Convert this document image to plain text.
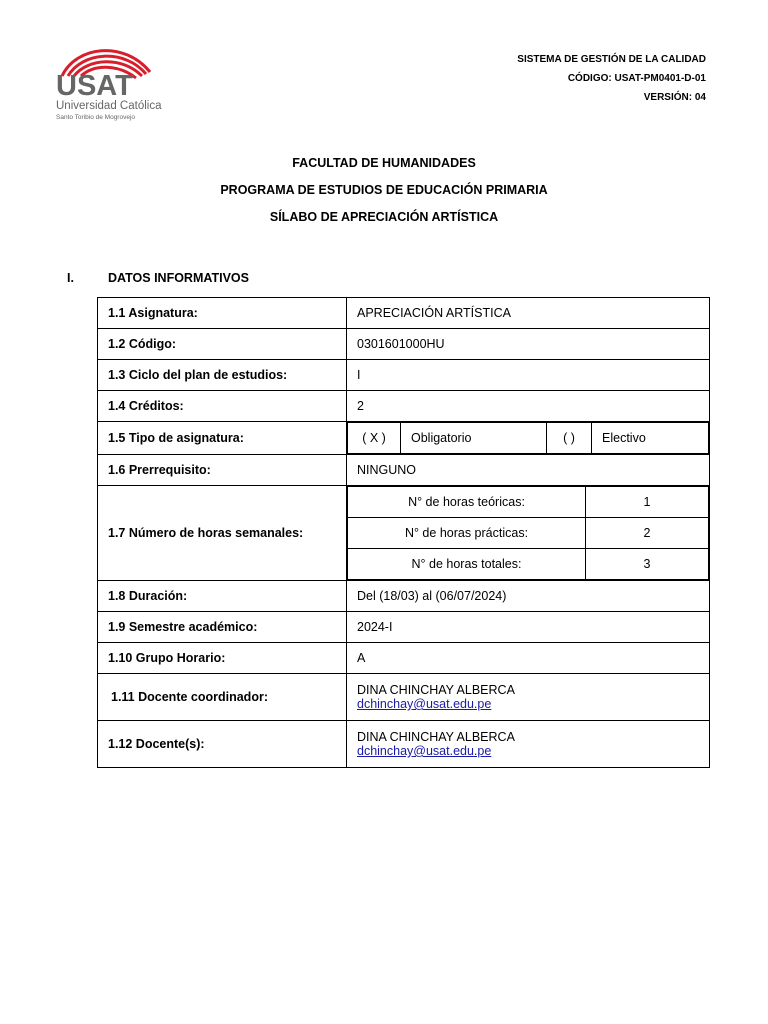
USAT
Universidad Católica
Santo Toribio de Mogrovejo
SISTEMA DE GESTIÓN DE LA CALIDAD
CÓDIGO: USAT-PM0401-D-01
VERSIÓN: 04
FACULTAD DE HUMANIDADES
PROGRAMA DE ESTUDIOS DE EDUCACIÓN PRIMARIA
SÍLABO DE APRECIACIÓN ARTÍSTICA
I.	DATOS INFORMATIVOS
1.1 Asignatura:	APRECIACIÓN ARTÍSTICA
1.2 Código:	0301601000HU
1.3 Ciclo del plan de estudios:	I
1.4 Créditos:	2
1.5 Tipo de asignatura:		( X )	Obligatorio	( )	Electivo

1.6 Prerrequisito:	NINGUNO
1.7 Número de horas semanales:	
N° de horas teóricas:	1
N° de horas prácticas:	2
N° de horas totales:	3

1.8 Duración:	Del (18/03) al (06/07/2024)
1.9 Semestre académico:	2024-I
1.10 Grupo Horario:	A
1.11 Docente coordinador:	DINA CHINCHAY ALBERCA
dchinchay@usat.edu.pe

1.12 Docente(s):	DINA CHINCHAY ALBERCA
dchinchay@usat.edu.pe
